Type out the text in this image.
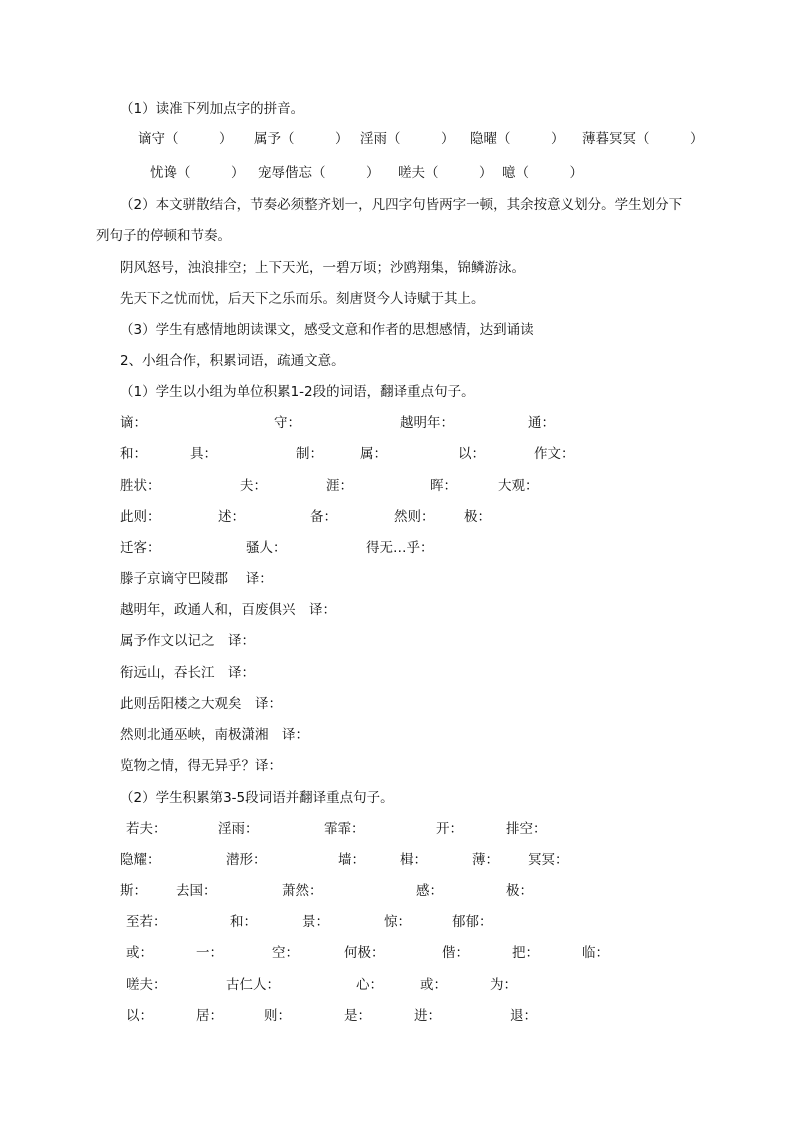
（1）读准下列加点字的拼音。
谪守（　　　） 属予（　　　） 淫雨（　　　） 隐曜（　　　） 薄暮冥冥（　　　）
忧谗（　　　） 宠辱偕忘（　　　） 嗟夫（　　　） 噫（　　　）
（2）本文骈散结合，节奏必须整齐划一，凡四字句皆两字一顿，其余按意义划分。学生划分下
列句子的停顿和节奏。
阴风怒号，浊浪排空；上下天光，一碧万顷；沙鸥翔集，锦鳞游泳。
先天下之忧而忧，后天下之乐而乐。刻唐贤今人诗赋于其上。
（3）学生有感情地朗读课文，感受文意和作者的思想感情，达到诵读
2、小组合作，积累词语，疏通文意。
（1）学生以小组为单位积累1-2段的词语，翻译重点句子。
谪：	守：	越明年：	通：
和：	具：	制：	属：	以：	作文：
胜状：	夫：	涯：	晖：	大观：
此则：	述：	备：	然则： 极：
迁客：	骚人：	得无…乎：
滕子京谪守巴陵郡　 译：
越明年，政通人和，百废俱兴　译：
属予作文以记之　译：
衔远山，吞长江　译：
此则岳阳楼之大观矣　译：
然则北通巫峡，南极潇湘　译：
览物之情，得无异乎？译：
（2）学生积累第3-5段词语并翻译重点句子。
若夫：	淫雨：	霏霏：	开：	排空：
隐耀：	潜形：	墙：	楫：	薄： 冥冥：
斯： 去国：	萧然：	感：	极：
至若：	和：	景：	惊：	郁郁：
或：	一：	空：	何极：	偕：	把：	临：
嗟夫：	古仁人：	心：	或：	为：
以：	居：	则：	是：	进：	退：
